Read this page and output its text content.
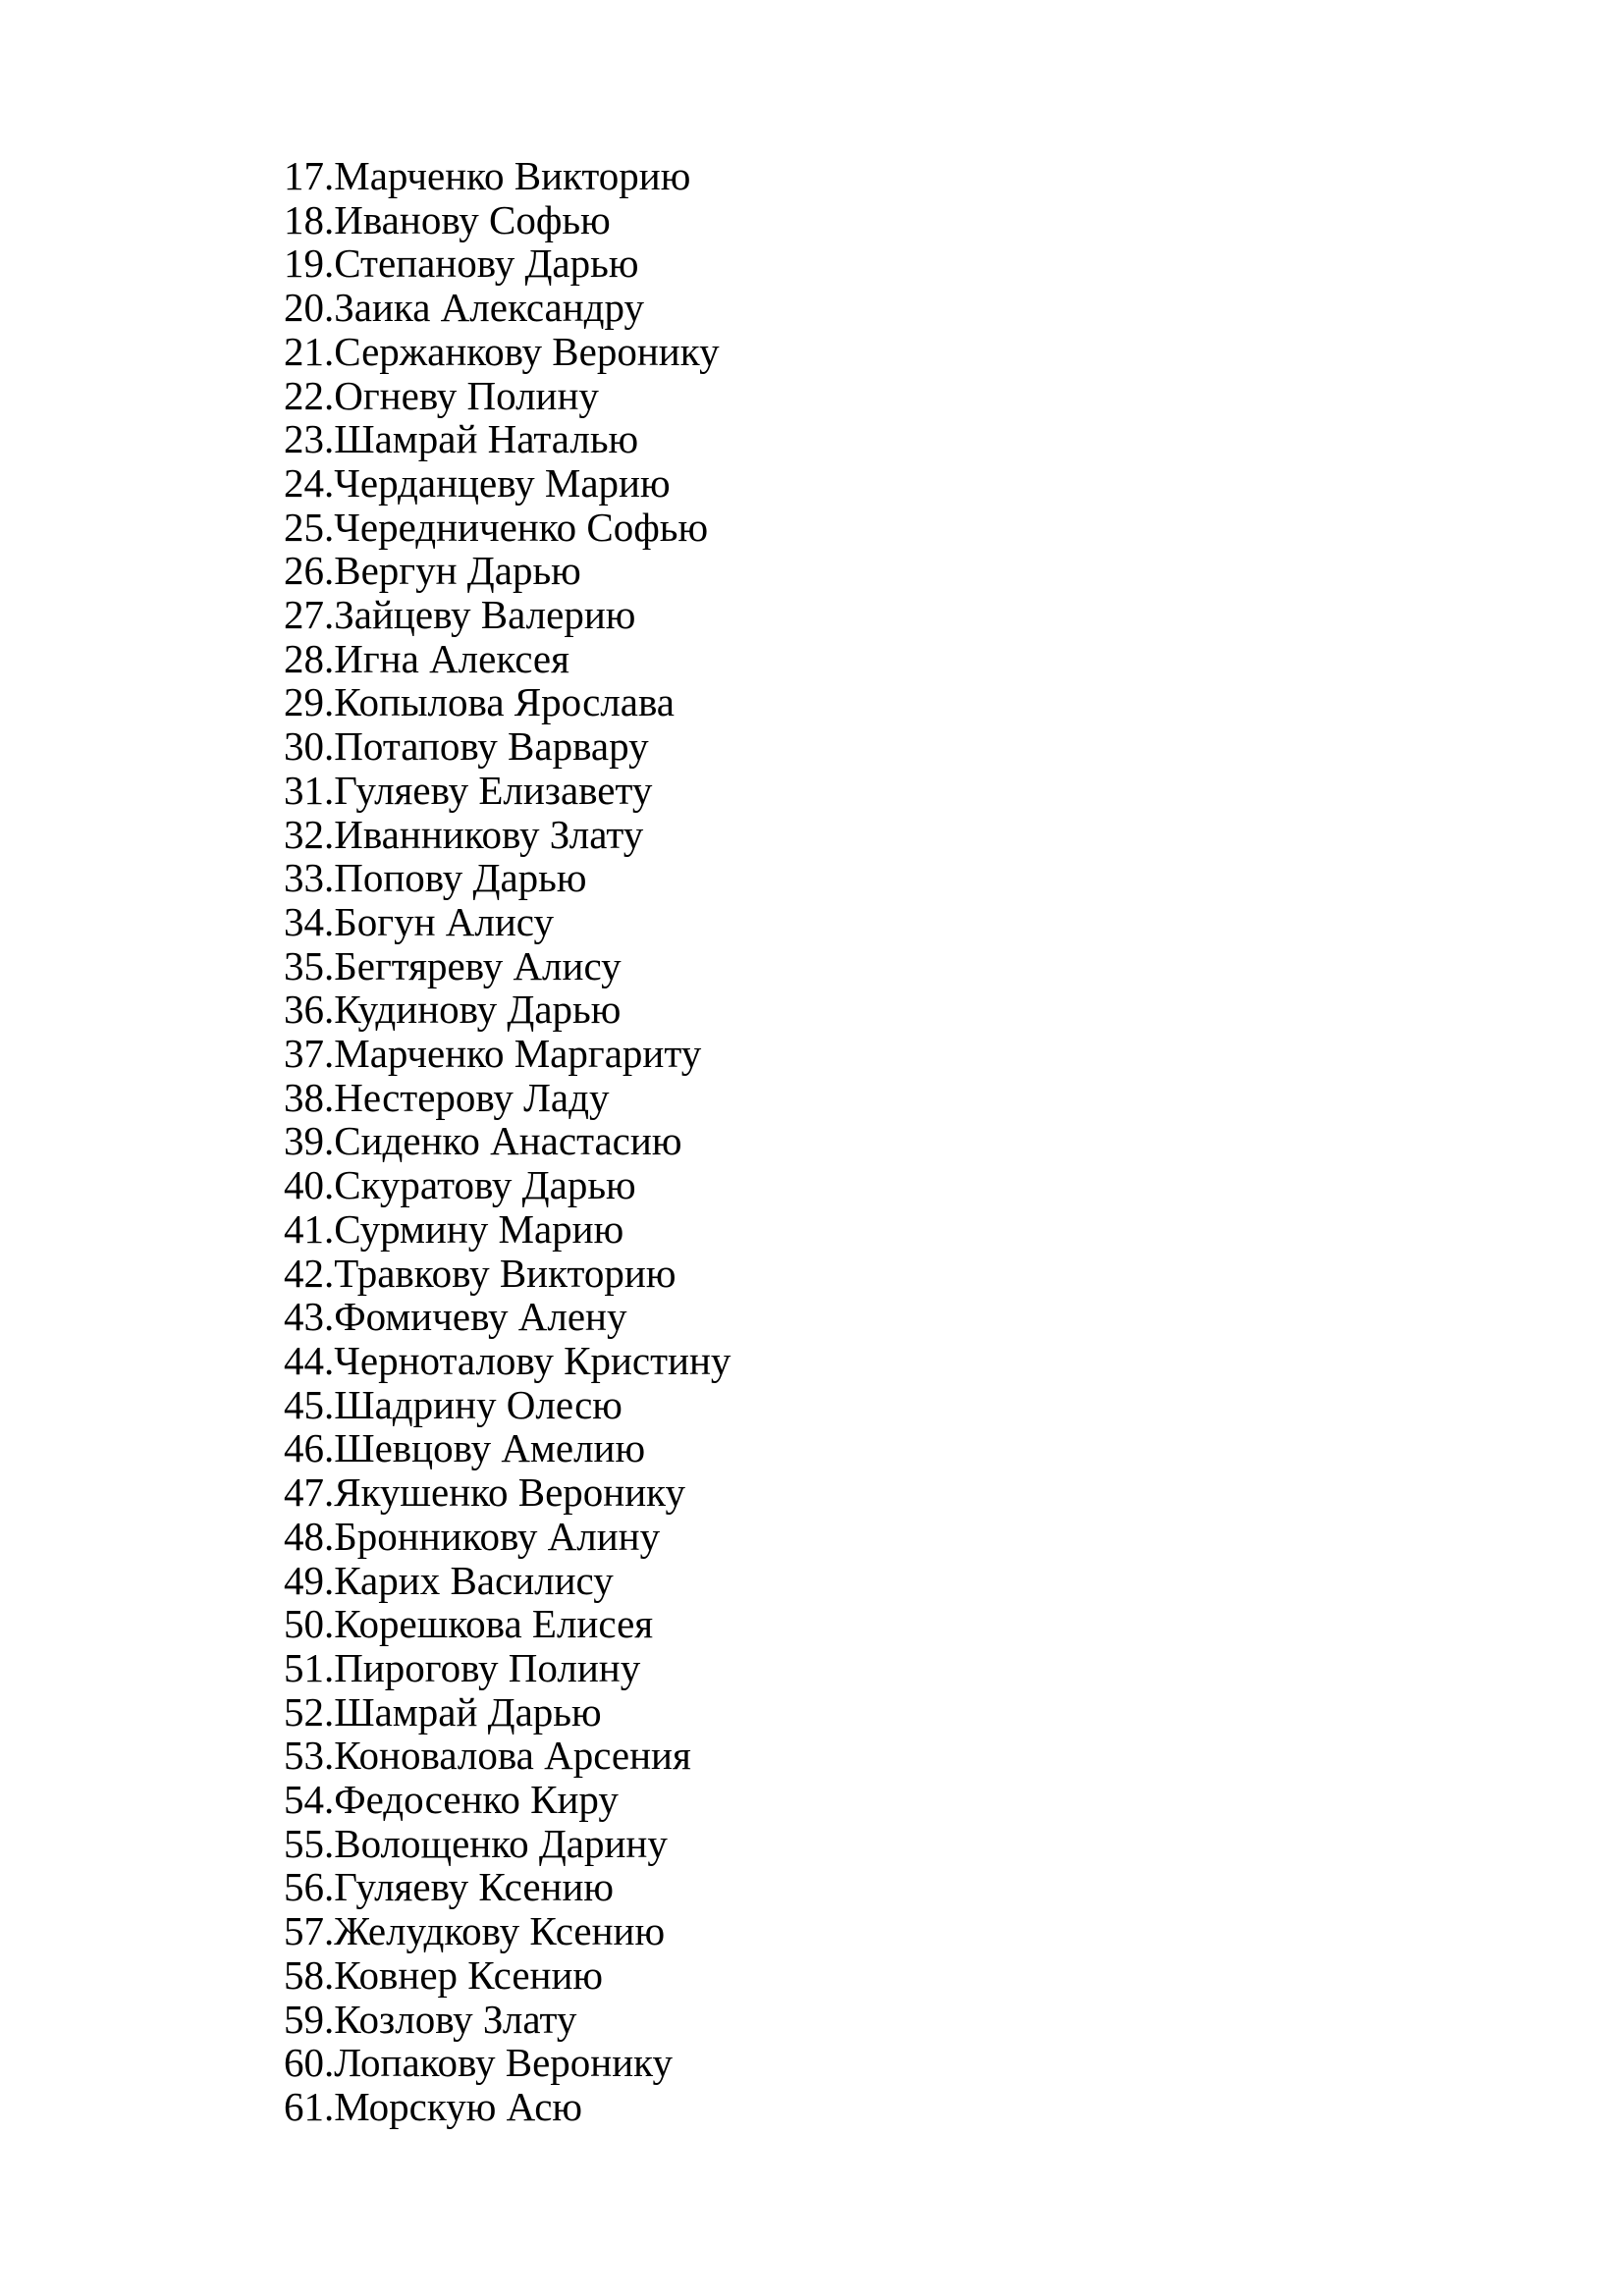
17.Марченко Викторию
18.Иванову Софью
19.Степанову Дарью
20.Заика Александру
21.Сержанкову Веронику
22.Огневу Полину
23.Шамрай Наталью
24.Черданцеву Марию
25.Чередниченко Софью
26.Вергун Дарью
27.Зайцеву Валерию
28.Игна Алексея
29.Копылова Ярослава
30.Потапову Варвару
31.Гуляеву Елизавету
32.Иванникову Злату
33.Попову Дарью
34.Богун Алису
35.Бегтяреву Алису
36.Кудинову Дарью
37.Марченко Маргариту
38.Нестерову Ладу
39.Сиденко Анастасию
40.Скуратову Дарью
41.Сурмину Марию
42.Травкову Викторию
43.Фомичеву Алену
44.Черноталову Кристину
45.Шадрину Олесю
46.Шевцову Амелию
47.Якушенко Веронику
48.Бронникову Алину
49.Карих Василису
50.Корешкова Елисея
51.Пирогову Полину
52.Шамрай Дарью
53.Коновалова Арсения
54.Федосенко Киру
55.Волощенко Дарину
56.Гуляеву Ксению
57.Желудкову Ксению
58.Ковнер Ксению
59.Козлову Злату
60.Лопакову Веронику
61.Морскую Асю
